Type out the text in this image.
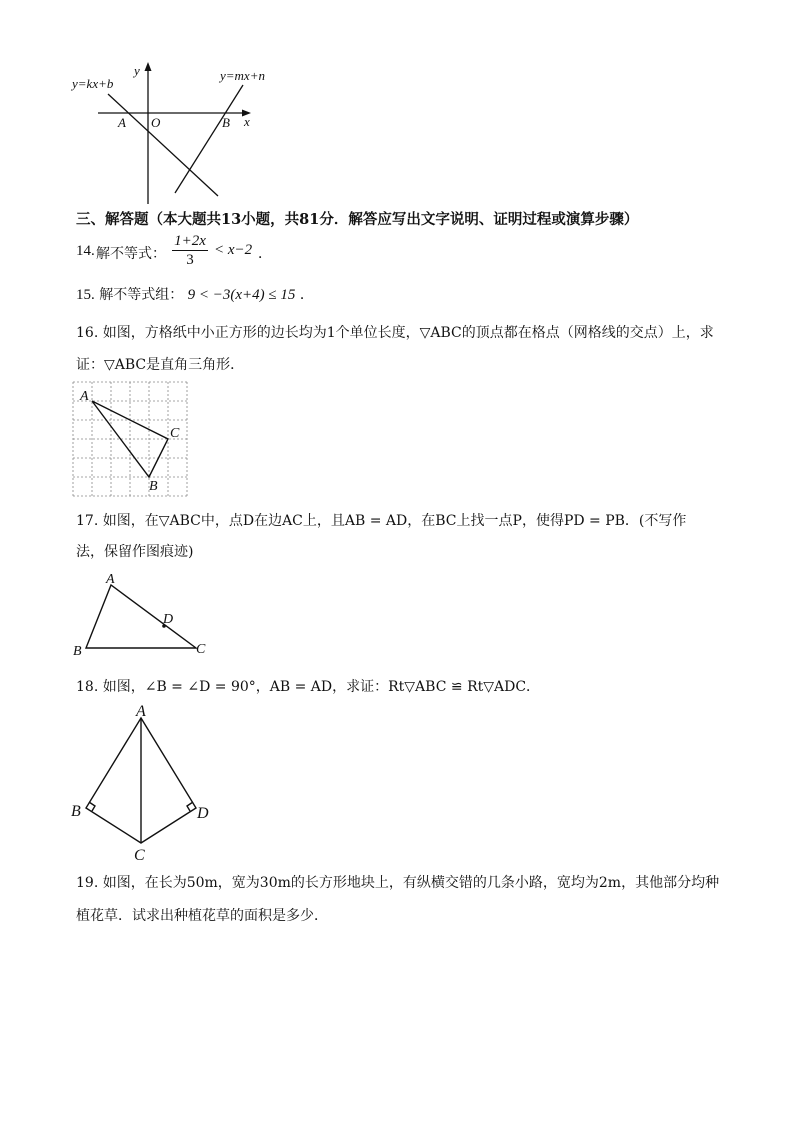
y=kx+b
y=mx+n
y
x
A O	B
三、解答题（本大题共13小题，共81分．解答应写出文字说明、证明过程或演算步骤）
14. 解不等式：
1+2x
3
< x−2 ．
15. 解不等式组： 9 < −3(x+4) ≤ 15 ．
16. 如图，方格纸中小正方形的边长均为1个单位长度，▽ABC的顶点都在格点（网格线的交点）上，求
证：▽ABC是直角三角形．
A
C
B
17. 如图，在▽ABC中，点D在边AC上，且AB = AD，在BC上找一点P，使得PD = PB．(不写作
法，保留作图痕迹)
A
D
B	C
18. 如图，∠B = ∠D = 90°，AB = AD，求证：Rt▽ABC ≌ Rt▽ADC．
A
B	D
C
19. 如图，在长为50m，宽为30m的长方形地块上，有纵横交错的几条小路，宽均为2m，其他部分均种
植花草．试求出种植花草的面积是多少．
